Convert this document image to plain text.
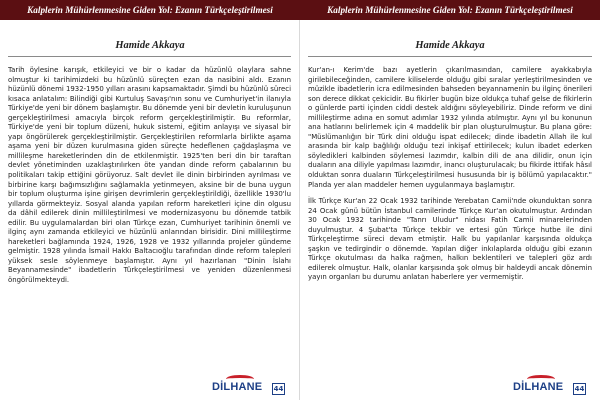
Kalplerin Mühürlenmesine Giden Yol: Ezanın Türkçeleştirilmesi
Hamide Akkaya

Tarih öylesine karışık, etkileyici ve bir o kadar da hüzünlü olaylara sahne olmuştur ki tarihimizdeki bu hüzünlü süreçten ezan da nasibini aldı. Ezanın hüzünlü dönemi 1932-1950 yılları arasını kapsamaktadır. Şimdi bu hüzünlü süreci kısaca anlatalım: Bilindiği gibi Kurtuluş Savaşı'nın sonu ve Cumhuriyet'in ilanıyla Türkiye'de yeni bir dönem başlamıştır. Bu dönemde yeni bir devletin kuruluşunun gerçekleştirilmesi amacıyla birçok reform gerçekleştirilmiştir. Bu reformlar, Türkiye'de yeni bir toplum düzeni, hukuk sistemi, eğitim anlayışı ve siyasal bir yapı öngörülerek gerçekleştirilmiştir. Gerçekleştirilen reformlarla birlikte aşama aşama yeni bir düzen kurulmasına giden süreçte hedeflenen çağdaşlaşma ve millileşme hareketlerinden din de etkilenmiştir. 1925'ten beri din bir taraftan devlet yönetiminden uzaklaştırılırken öte yandan dinde reform çabalarının bu politikaları takip ettiğini görüyoruz. Salt devlet ile dinin birbirinden ayrılması ve birbirine karşı bağımsızlığını sağlamakla yetinmeyen, aksine bir de buna uygun bir toplum oluşturma işine girişen devrimlerin gerçekleştirildiği, özellikle 1930'lu yıllarda görmekteyiz. Sosyal alanda yapılan reform hareketleri içine din olgusu da dâhil edilerek dinin millileştirilmesi ve modernizasyonu bu dönemde tatbik edilir. Bu uygulamalardan biri olan Türkçe ezan, Cumhuriyet tarihinin önemli ve ilginç aynı zamanda etkileyici ve hüzünlü anlarından birisidir. Dini millileştirme hareketleri bağlamında 1924, 1926, 1928 ve 1932 yıllarında projeler gündeme gelmiştir. 1928 yılında İsmail Hakkı Baltacıoğlu tarafından dinde reform talepleri yüksek sesle söylenmeye başlamıştır. Aynı yıl hazırlanan "Dinin İslahı Beyannamesinde" ibadetlerin Türkçeleştirilmesi ve yeniden düzenlenmesi öngörülmekteydi.

DİLHANE 44
Kalplerin Mühürlenmesine Giden Yol: Ezanın Türkçeleştirilmesi
Hamide Akkaya

Kur'an-ı Kerim'de bazı ayetlerin çıkarılmasından, camilere ayakkabıyla girilebileceğinden, camilere kiliselerde olduğu gibi sıralar yerleştirilmesinden ve müzikle ibadetlerin icra edilmesinden bahseden beyannamenin bu ilginç önerileri son derece dikkat çekicidir. Bu fikirler bugün bize oldukça tuhaf gelse de fikirlerin o günlerde parti içinden ciddi destek aldığını söyleyebiliriz. Dinde reform ve dini millileştirme adına en somut adımlar 1932 yılında atılmıştır. Aynı yıl bu konunun ana hatlarını belirlemek için 4 maddelik bir plan oluşturulmuştur. Bu plana göre: "Müslümanlığın bir Türk dini olduğu ispat edilecek; dinde ibadetin Allah ile kul arasında bir kalp bağlılığı olduğu tezi inkişaf ettirilecek; kulun ibadet ederken söyledikleri kalbinden söylemesi lazımdır, kalbin dili de ana dilidir, onun için duaların ana diliyle yapılması lazımdır, inancı oluşturulacak; bu fikirde ittifak hâsıl olduktan sonra duaların Türkçeleştirilmesi hususunda bir iş bölümü yapılacaktır." Planda yer alan maddeler hemen uygulanmaya başlamıştır.

İlk Türkçe Kur'an 22 Ocak 1932 tarihinde Yerebatan Camii'nde okunduktan sonra 24 Ocak günü bütün İstanbul camilerinde Türkçe Kur'an okutulmuştur. Ardından 30 Ocak 1932 tarihinde "Tanrı Uludur" nidası Fatih Camii minarelerinden duyulmuştur. 4 Şubat'ta Türkçe tekbir ve ertesi gün Türkçe hutbe ile dini Türkçeleştirme süreci devam etmiştir. Halk bu yapılanlar karşısında oldukça şaşkın ve tedirgindir o dönemde. Yapılan diğer inkılaplarda olduğu gibi ezanın Türkçe okutulması da halka rağmen, halkın beklentileri ve talepleri göz ardı edilerek olmuştur. Halk, olanlar karşısında şok olmuş bir haldeydi ancak dönemin yayın organları bu durumu anlatan haberlere yer vermemiştir.

DİLHANE 44
